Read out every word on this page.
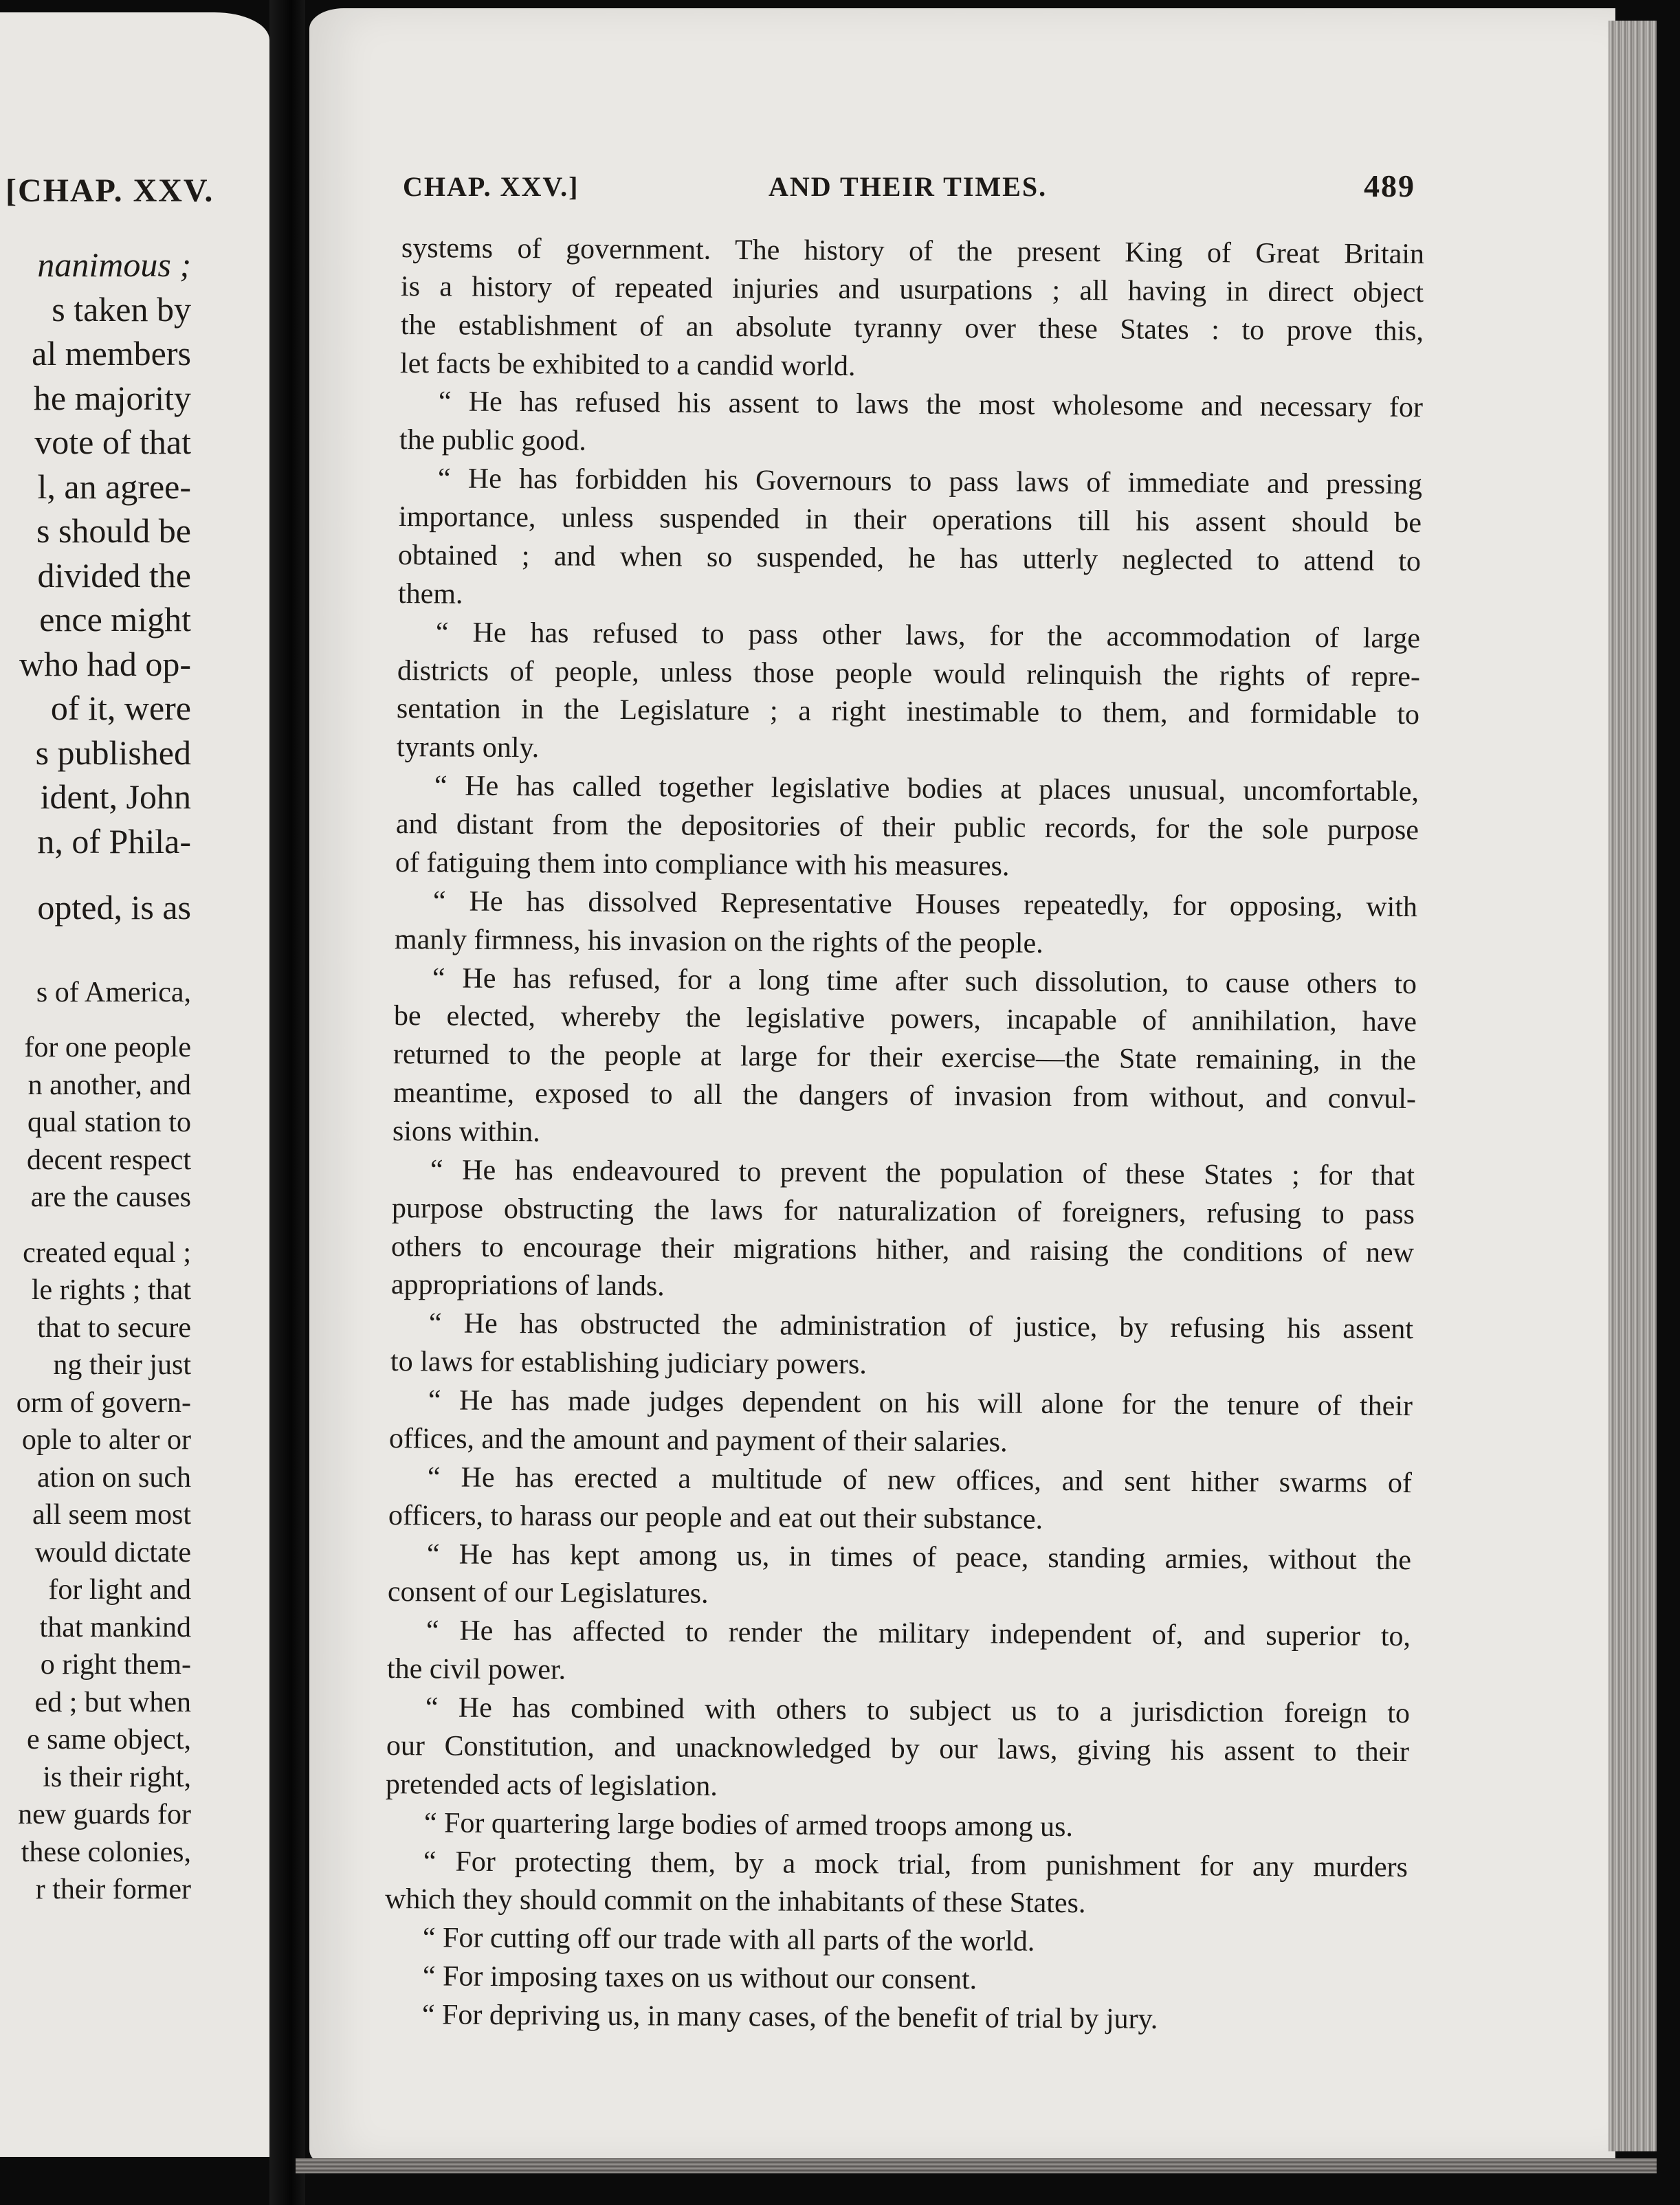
[CHAP. XXV.
nanimous ;
s taken by
al members
he majority
vote of that
l, an agree-
s should be
divided the
ence might
who had op-
of it, were
s published
ident, John
n, of Phila-
opted, is as
s of America,
for one people
n another, and
qual station to
decent respect
are the causes
created equal ;
le rights ; that
that to secure
ng their just
orm of govern-
ople to alter or
ation on such
all seem most
would dictate
for light and
that mankind
o right them-
ed ; but when
e same object,
is their right,
new guards for
these colonies,
r their former
CHAP. XXV.]	AND THEIR TIMES.	489
systems of government. The history of the present King of Great Britain
is a history of repeated injuries and usurpations ; all having in direct object
the establishment of an absolute tyranny over these States : to prove this,
let facts be exhibited to a candid world.
“ He has refused his assent to laws the most wholesome and necessary for
the public good.
“ He has forbidden his Governours to pass laws of immediate and pressing
importance, unless suspended in their operations till his assent should be
obtained ; and when so suspended, he has utterly neglected to attend to
them.
“ He has refused to pass other laws, for the accommodation of large
districts of people, unless those people would relinquish the rights of repre-
sentation in the Legislature ; a right inestimable to them, and formidable to
tyrants only.
“ He has called together legislative bodies at places unusual, uncomfortable,
and distant from the depositories of their public records, for the sole purpose
of fatiguing them into compliance with his measures.
“ He has dissolved Representative Houses repeatedly, for opposing, with
manly firmness, his invasion on the rights of the people.
“ He has refused, for a long time after such dissolution, to cause others to
be elected, whereby the legislative powers, incapable of annihilation, have
returned to the people at large for their exercise—the State remaining, in the
meantime, exposed to all the dangers of invasion from without, and convul-
sions within.
“ He has endeavoured to prevent the population of these States ; for that
purpose obstructing the laws for naturalization of foreigners, refusing to pass
others to encourage their migrations hither, and raising the conditions of new
appropriations of lands.
“ He has obstructed the administration of justice, by refusing his assent
to laws for establishing judiciary powers.
“ He has made judges dependent on his will alone for the tenure of their
offices, and the amount and payment of their salaries.
“ He has erected a multitude of new offices, and sent hither swarms of
officers, to harass our people and eat out their substance.
“ He has kept among us, in times of peace, standing armies, without the
consent of our Legislatures.
“ He has affected to render the military independent of, and superior to,
the civil power.
“ He has combined with others to subject us to a jurisdiction foreign to
our Constitution, and unacknowledged by our laws, giving his assent to their
pretended acts of legislation.
“ For quartering large bodies of armed troops among us.
“ For protecting them, by a mock trial, from punishment for any murders
which they should commit on the inhabitants of these States.
“ For cutting off our trade with all parts of the world.
“ For imposing taxes on us without our consent.
“ For depriving us, in many cases, of the benefit of trial by jury.
